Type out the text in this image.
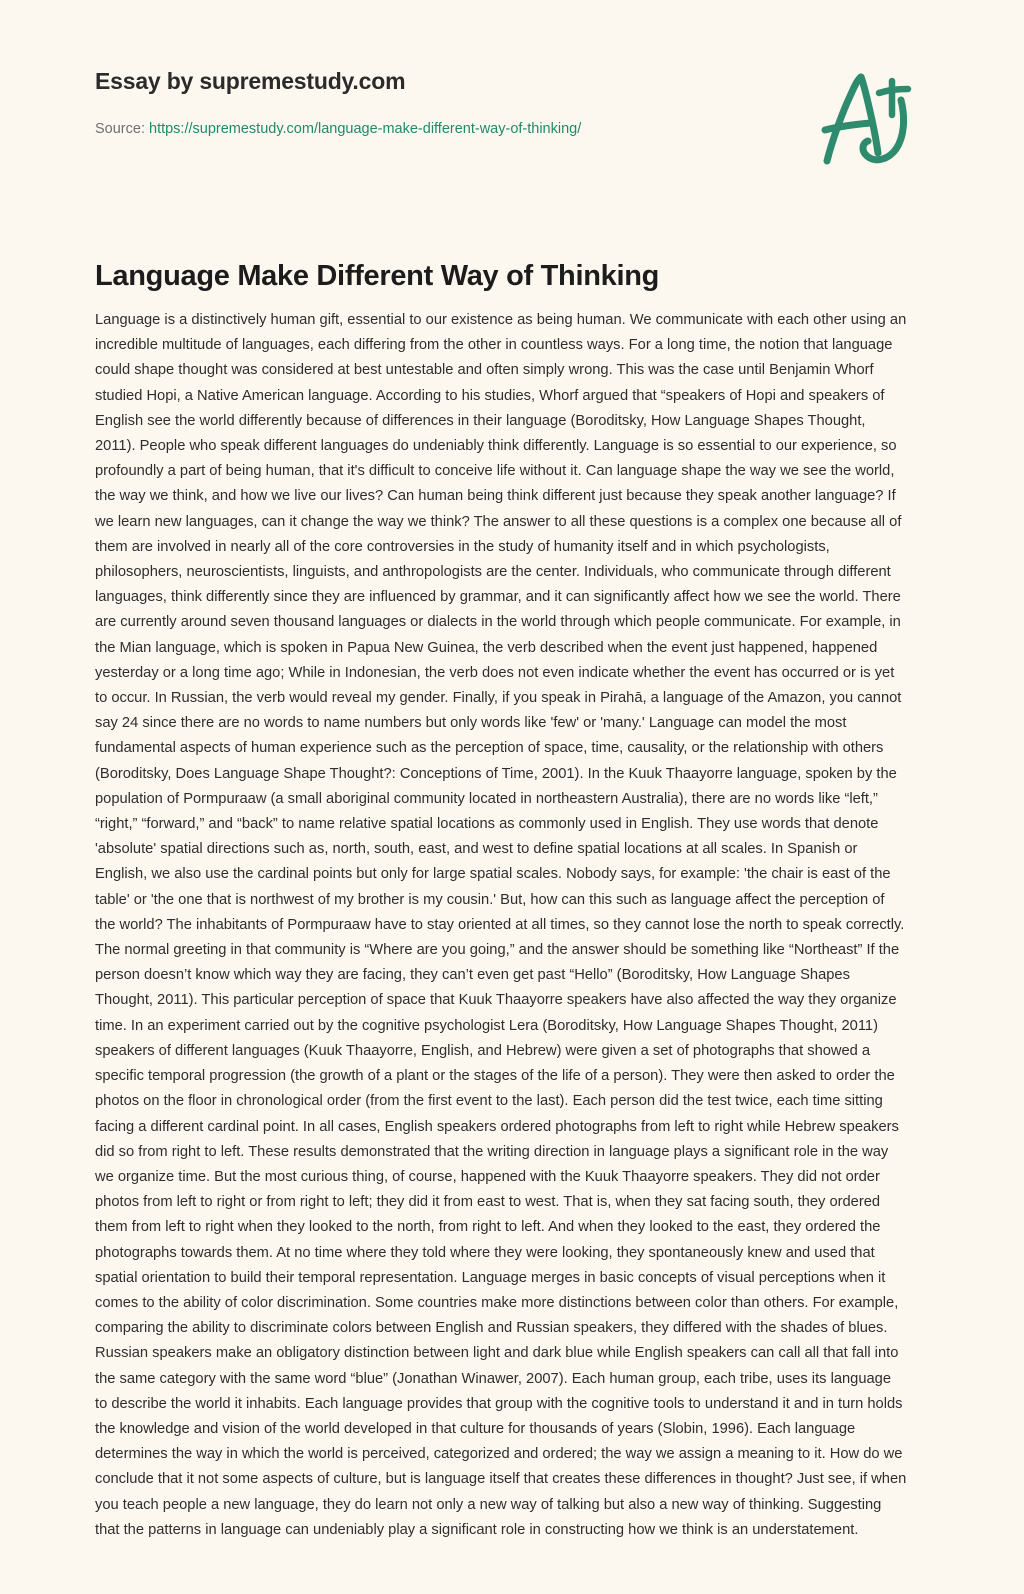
Essay by supremestudy.com
Source: https://supremestudy.com/language-make-different-way-of-thinking/
Language Make Different Way of Thinking
Language is a distinctively human gift, essential to our existence as being human. We communicate with each other using an incredible multitude of languages, each differing from the other in countless ways. For a long time, the notion that language could shape thought was considered at best untestable and often simply wrong. This was the case until Benjamin Whorf studied Hopi, a Native American language. According to his studies, Whorf argued that “speakers of Hopi and speakers of English see the world differently because of differences in their language (Boroditsky, How Language Shapes Thought, 2011). People who speak different languages do undeniably think differently. Language is so essential to our experience, so profoundly a part of being human, that it's difficult to conceive life without it. Can language shape the way we see the world, the way we think, and how we live our lives? Can human being think different just because they speak another language? If we learn new languages, can it change the way we think? The answer to all these questions is a complex one because all of them are involved in nearly all of the core controversies in the study of humanity itself and in which psychologists, philosophers, neuroscientists, linguists, and anthropologists are the center. Individuals, who communicate through different languages, think differently since they are influenced by grammar, and it can significantly affect how we see the world. There are currently around seven thousand languages or dialects in the world through which people communicate. For example, in the Mian language, which is spoken in Papua New Guinea, the verb described when the event just happened, happened yesterday or a long time ago; While in Indonesian, the verb does not even indicate whether the event has occurred or is yet to occur. In Russian, the verb would reveal my gender. Finally, if you speak in Pirahā, a language of the Amazon, you cannot say 24 since there are no words to name numbers but only words like 'few' or 'many.' Language can model the most fundamental aspects of human experience such as the perception of space, time, causality, or the relationship with others (Boroditsky, Does Language Shape Thought?: Conceptions of Time, 2001). In the Kuuk Thaayorre language, spoken by the population of Pormpuraaw (a small aboriginal community located in northeastern Australia), there are no words like “left,” “right,” “forward,” and “back” to name relative spatial locations as commonly used in English. They use words that denote 'absolute' spatial directions such as, north, south, east, and west to define spatial locations at all scales. In Spanish or English, we also use the cardinal points but only for large spatial scales. Nobody says, for example: 'the chair is east of the table' or 'the one that is northwest of my brother is my cousin.' But, how can this such as language affect the perception of the world? The inhabitants of Pormpuraaw have to stay oriented at all times, so they cannot lose the north to speak correctly. The normal greeting in that community is “Where are you going,” and the answer should be something like “Northeast” If the person doesn’t know which way they are facing, they can’t even get past “Hello” (Boroditsky, How Language Shapes Thought, 2011). This particular perception of space that Kuuk Thaayorre speakers have also affected the way they organize time. In an experiment carried out by the cognitive psychologist Lera (Boroditsky, How Language Shapes Thought, 2011) speakers of different languages (Kuuk Thaayorre, English, and Hebrew) were given a set of photographs that showed a specific temporal progression (the growth of a plant or the stages of the life of a person). They were then asked to order the photos on the floor in chronological order (from the first event to the last). Each person did the test twice, each time sitting facing a different cardinal point. In all cases, English speakers ordered photographs from left to right while Hebrew speakers did so from right to left. These results demonstrated that the writing direction in language plays a significant role in the way we organize time. But the most curious thing, of course, happened with the Kuuk Thaayorre speakers. They did not order photos from left to right or from right to left; they did it from east to west. That is, when they sat facing south, they ordered them from left to right when they looked to the north, from right to left. And when they looked to the east, they ordered the photographs towards them. At no time where they told where they were looking, they spontaneously knew and used that spatial orientation to build their temporal representation. Language merges in basic concepts of visual perceptions when it comes to the ability of color discrimination. Some countries make more distinctions between color than others. For example, comparing the ability to discriminate colors between English and Russian speakers, they differed with the shades of blues. Russian speakers make an obligatory distinction between light and dark blue while English speakers can call all that fall into the same category with the same word “blue” (Jonathan Winawer, 2007). Each human group, each tribe, uses its language to describe the world it inhabits. Each language provides that group with the cognitive tools to understand it and in turn holds the knowledge and vision of the world developed in that culture for thousands of years (Slobin, 1996). Each language determines the way in which the world is perceived, categorized and ordered; the way we assign a meaning to it. How do we conclude that it not some aspects of culture, but is language itself that creates these differences in thought? Just see, if when you teach people a new language, they do learn not only a new way of talking but also a new way of thinking. Suggesting that the patterns in language can undeniably play a significant role in constructing how we think is an understatement.
